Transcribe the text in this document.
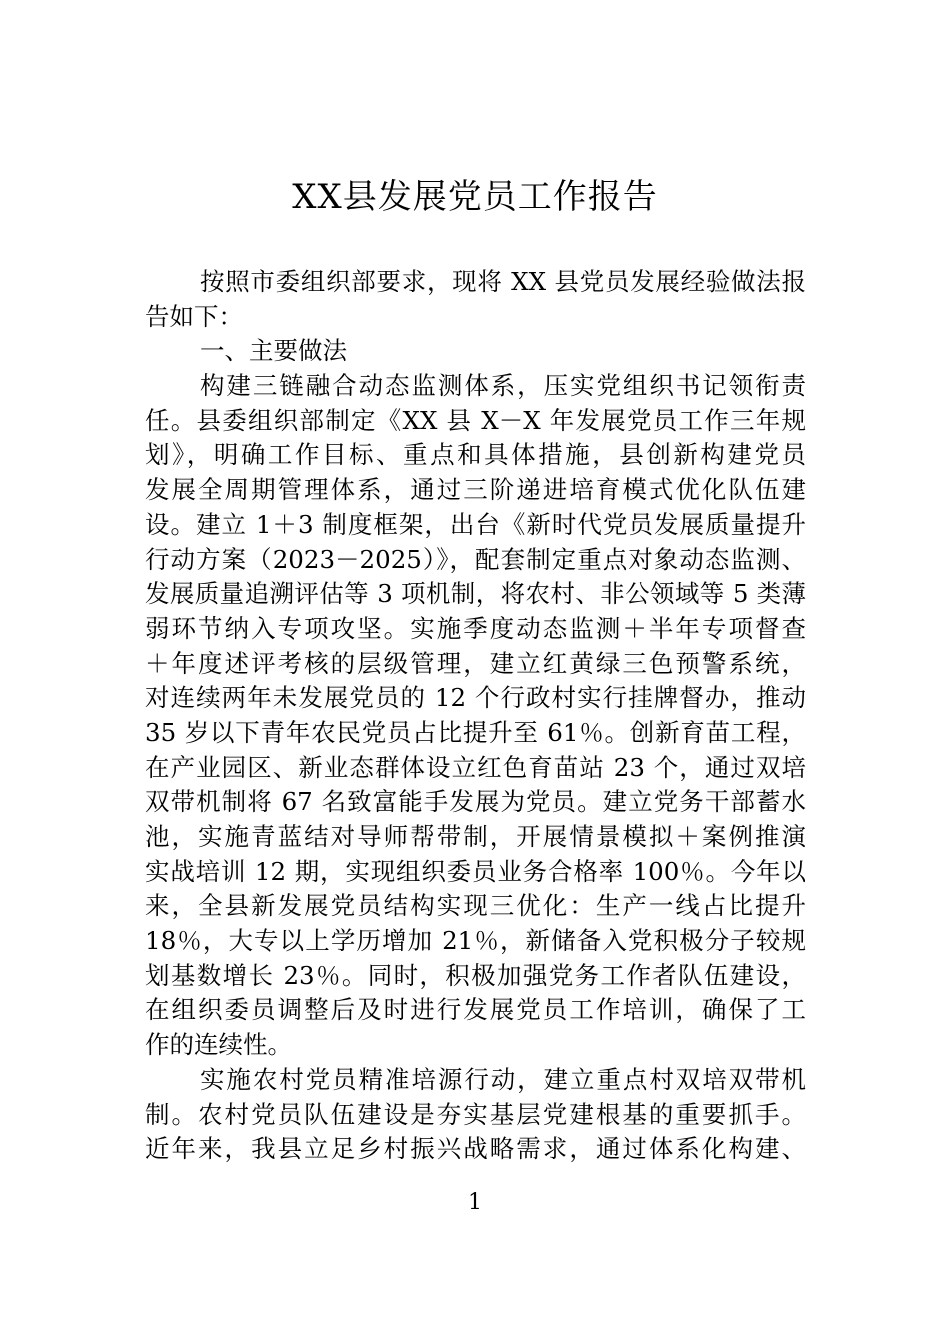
XX县发展党员工作报告
按照市委组织部要求，现将 XX 县党员发展经验做法报
告如下：
一、主要做法
构建三链融合动态监测体系，压实党组织书记领衔责
任。县委组织部制定《XX 县 X－X 年发展党员工作三年规
划》，明确工作目标、重点和具体措施，县创新构建党员
发展全周期管理体系，通过三阶递进培育模式优化队伍建
设。建立 1＋3 制度框架，出台《新时代党员发展质量提升
行动方案（2023－2025）》，配套制定重点对象动态监测、
发展质量追溯评估等 3 项机制，将农村、非公领域等 5 类薄
弱环节纳入专项攻坚。实施季度动态监测＋半年专项督查
＋年度述评考核的层级管理，建立红黄绿三色预警系统，
对连续两年未发展党员的 12 个行政村实行挂牌督办，推动
35 岁以下青年农民党员占比提升至 61％。创新育苗工程，
在产业园区、新业态群体设立红色育苗站 23 个，通过双培
双带机制将 67 名致富能手发展为党员。建立党务干部蓄水
池，实施青蓝结对导师帮带制，开展情景模拟＋案例推演
实战培训 12 期，实现组织委员业务合格率 100％。今年以
来，全县新发展党员结构实现三优化：生产一线占比提升
18％，大专以上学历增加 21％，新储备入党积极分子较规
划基数增长 23％。同时，积极加强党务工作者队伍建设，
在组织委员调整后及时进行发展党员工作培训，确保了工
作的连续性。
实施农村党员精准培源行动，建立重点村双培双带机
制。农村党员队伍建设是夯实基层党建根基的重要抓手。
近年来，我县立足乡村振兴战略需求，通过体系化构建、
1
